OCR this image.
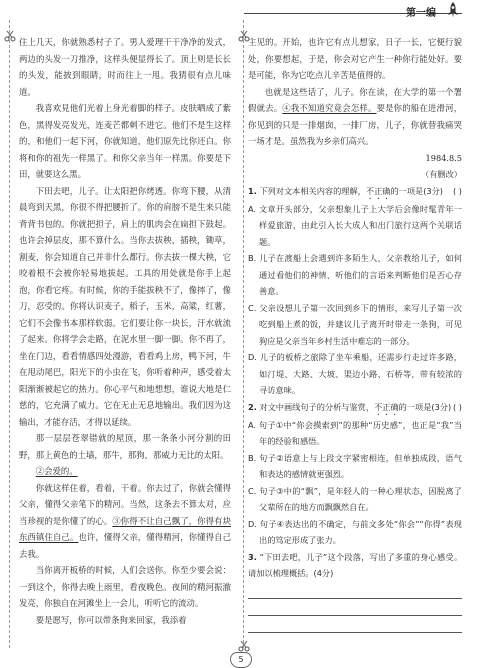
第一编

住上几天，你就熟悉村子了。男人爱理干干净净的发式，两边的头发一刀推净，这样头便显得长了。顶上则是长长的头发，能披到眼睛，时而往上一甩。我猜很有点儿味道。

我喜欢見他们光着上身光着脚的样子。皮肤晒成了紫色，黑得发亮发光，连麦芒都刺不进它。他们不是生这样的，和他们一起下河，你就知道，他们原先比你还白。你将和你的祖先一样黑了。和你父亲当年一样黑。你要是下田，就要这么黑。

下田去吧，儿子。让太阳把你烤透。你弯下腰，从清晨弯到天黑，你很不得把腰折了。你的肩膀不是生来只能背背书包的。你就把担子，肩上的肌肉会在扁担下鼓起。也许会掉层皮，那不算什么。当你去拔秧，插秧，锄草，割麦，你会知道自己并非什么都行。你去拔一棵大秧，它咬着根不会被你轻易地拔起。工具的用处就是你手上起泡，你看它疼。有时候，你的手能拔秧不了，像摔了，像刀，忍受的。你将认识麦子，稻子，玉米，高粱，红薯，它们不会像书本那样软弱。它们要让你一块长，汗水就流了起来。你将学会走路，在泥水里一脚一脚。你不再了，坐在门边，看看情感四处漫游，看看鸡上房，鸭下河，牛在甩动尾巴，阳光下的小虫在飞，你听着种声，感受着太阳渐渐被起它的热力。你心平气和地想想，谁说大地是仁慈的，它充满了威力。它在无止无息地输出。我们因为这输出，才能存活，才得以延续。

那一层层苍翠错就的屋顶，那一条条小河分割的田野，那上黄色的土墙，那牛，那狗，那威力无比的太阳。

②会爱的。

你就这样住着，看着，干着。你去过了，你就会懂得父亲，懂得父亲笔下的精河。当然，这条去不算太对，应当珍视的是你懂了的心。③你得不让自己飘了，你得有块东西镇住自己。也许，懂得父亲，懂得精河，你懂得自己去我。

当你离开板桥的时候，人们会送你。你至少要会说：一到这个，你得去晚上雨里，看夜晚色。夜间的精河振澈发亮，你独自在河滩坐上一会儿，听听它的流动。

要是愿写，你可以带条狗来回家，我添着

主见的。开始，也许它有点儿想家，日子一长，它便行貌处，你要想起，于是，你会对它产生一种你行能处好。要是可能，你为它吃点儿辛苦是值得的。

也就是这些话了，儿子。你在读，在大学的第一个署假就去。④我不知道究竟会怎样。要是你的船在进滑河，你见到的只是一排烟囱，一排厂房，儿子，你就替我痛哭一场才是。虽然我为乡亲们高兴。

1984.8.5

（有删改）

1. 下列对文本相关内容的理解，不正确的一项是(3分) ( )

A. 文章开头部分，父亲想象儿子上大学后会像时髦青年一样爱旅游，由此引入长大成人和出门旅行这两个关联话题。

B. 儿子在渡船上会遇到许多陌生人，父亲教给儿子，如何通过看他们的神情、听他们的言语来判断他们是否心存善意。

C. 父亲设想儿子第一次回到乡下的情形，来写儿子第一次吃到船上煮的饭，并建议儿子离开时带走一条狗，可见狗应是父亲当年乡村生活中难忘的一部分。

D. 儿子的板桥之旅除了坐车乘船，还需步行走过许多路，如汀堤、大路、大坡、渠边小路、石桥等，带有较浓的寻访意味。

2. 对文中画线句子的分析与鉴赏，不正确的一项是(3分) ( )

A. 句子①中“你会摸索到”的那种“历史感”，也正是“我”当年的经验和感悟。

B. 句子②语意上与上段文字紧密相连，但单独成段，语气和表达的感情就更强烈。

C. 句子③中的“飘”，是年轻人的一种心理状态，因脱离了父辈所在的地方而飘飘然自在。

D. 句子④表达出的不确定，与前文多处“你会”“你得”表现出的笃定形成了张力。

3. “下田去吧，儿子”这个段落，写出了多重的身心感受。请加以梳理概括。(4分)

5
